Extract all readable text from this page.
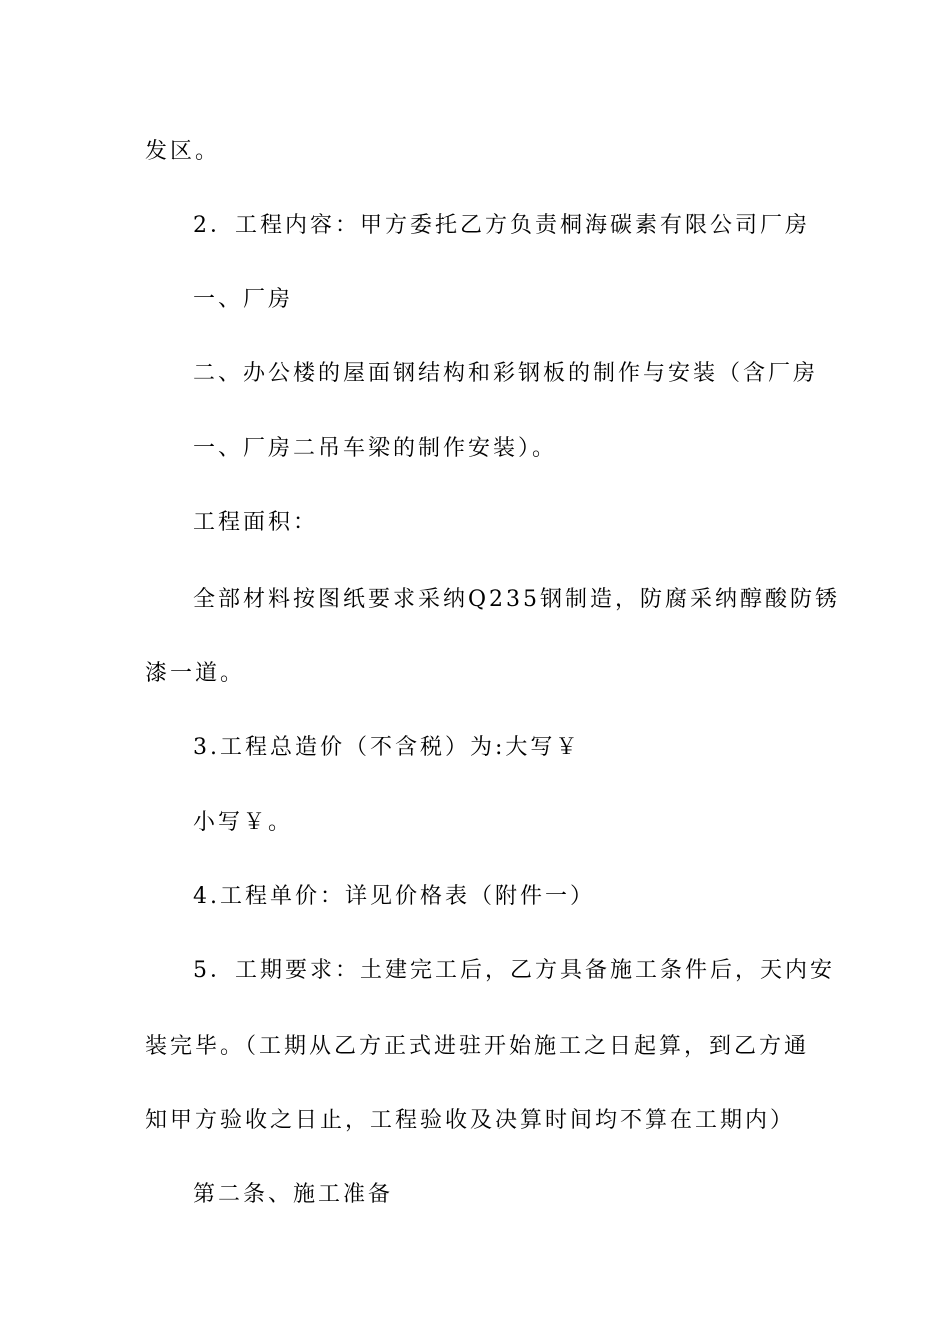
发区。
2．工程内容：甲方委托乙方负责桐海碳素有限公司厂房
一、厂房
二、办公楼的屋面钢结构和彩钢板的制作与安装（含厂房
一、厂房二吊车梁的制作安装）。
工程面积：
全部材料按图纸要求采纳Q235钢制造，防腐采纳醇酸防锈
漆一道。
3.工程总造价（不含税）为:大写￥
小写￥。
4.工程单价：详见价格表（附件一）
5．工期要求：土建完工后，乙方具备施工条件后，天内安
装完毕。（工期从乙方正式进驻开始施工之日起算，到乙方通
知甲方验收之日止，工程验收及决算时间均不算在工期内）
第二条、施工准备
